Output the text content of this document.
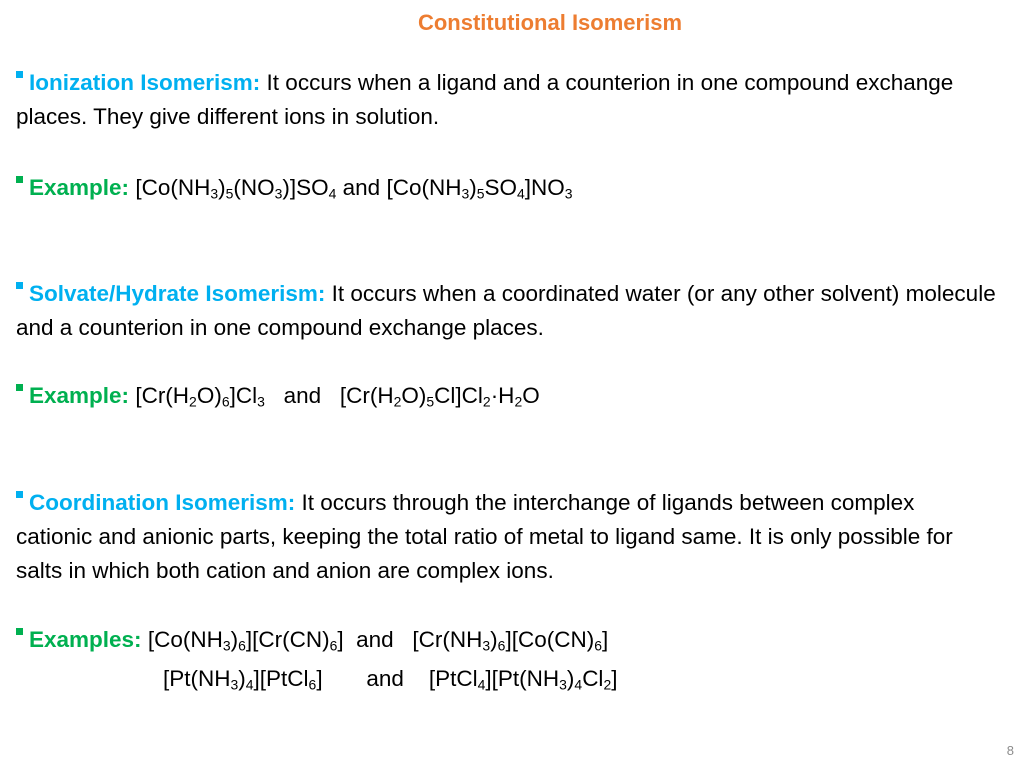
Constitutional Isomerism
Ionization Isomerism: It occurs when a ligand and a counterion in one compound exchange places. They give different ions in solution.
Example: $[Co(NH_3)_5(NO_3)]SO_4$ and $[Co(NH_3)_5SO_4]NO_3$
Solvate/Hydrate Isomerism: It occurs when a coordinated water (or any other solvent) molecule and a counterion in one compound exchange places.
Example: $[Cr(H_2O)_6]Cl_3$   and   $[Cr(H_2O)_5Cl]Cl_2\cdot H_2O$
Coordination Isomerism: It occurs through the interchange of ligands between complex cationic and anionic parts, keeping the total ratio of metal to ligand same. It is only possible for salts in which both cation and anion are complex ions.
Examples: $[Co(NH_3)_6][Cr(CN)_6]$  and   $[Cr(NH_3)_6][Co(CN)_6]$
$[Pt(NH_3)_4][PtCl_6]$       and    $[PtCl_4][Pt(NH_3)_4Cl_2]$
8
